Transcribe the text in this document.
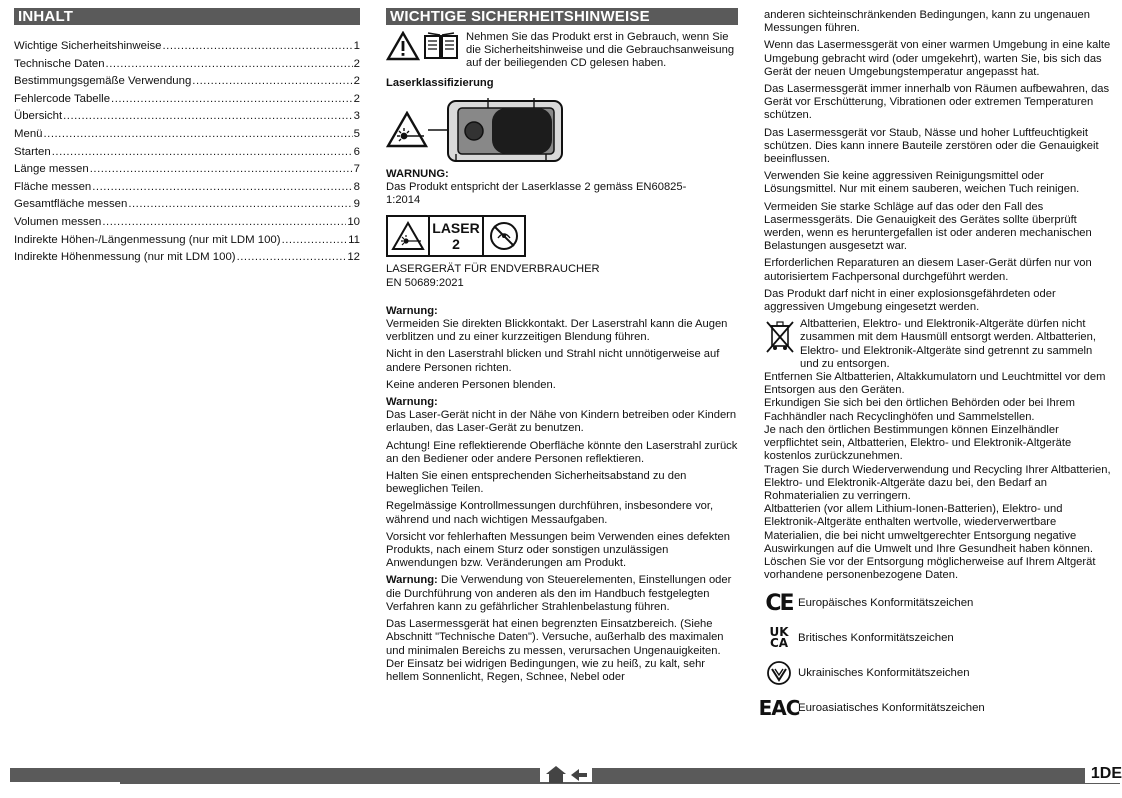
INHALT
Wichtige Sicherheitshinweise .....	1
Technische Daten .....	2
Bestimmungsgemäße Verwendung .....	2
Fehlercode Tabelle .....	2
Übersicht .....	3
Menü .....	5
Starten .....	6
Länge messen .....	7
Fläche messen .....	8
Gesamtfläche messen .....	9
Volumen messen .....	10
Indirekte Höhen-/Längenmessung (nur mit LDM 100) .....	11
Indirekte Höhenmessung (nur mit LDM 100) .....	12
WICHTIGE SICHERHEITSHINWEISE
Nehmen Sie das Produkt erst in Gebrauch, wenn Sie die Sicherheitshinweise und die Gebrauchsanweisung auf der beiliegenden CD gelesen haben.
Laserklassifizierung
WARNUNG:
Das Produkt entspricht der Laserklasse 2 gemäss EN60825-1:2014
LASER
2
LASERGERÄT FÜR ENDVERBRAUCHER
EN 50689:2021
Warnung:

Vermeiden Sie direkten Blickkontakt. Der Laserstrahl kann die Augen verblitzen und zu einer kurzzeitigen Blendung führen.

Nicht in den Laserstrahl blicken und Strahl nicht unnötigerweise auf andere Personen richten.

Keine anderen Personen blenden.

Warnung:

Das Laser-Gerät nicht in der Nähe von Kindern betreiben oder Kindern erlauben, das Laser-Gerät zu benutzen.

Achtung! Eine reflektierende Oberfläche könnte den Laserstrahl zurück an den Bediener oder andere Personen reflektieren.

Halten Sie einen entsprechenden Sicherheitsabstand zu den beweglichen Teilen.

Regelmässige Kontrollmessungen durchführen, insbesondere vor, während und nach wichtigen Messaufgaben.

Vorsicht vor fehlerhaften Messungen beim Verwenden eines defekten Produkts, nach einem Sturz oder sonstigen unzulässigen Anwendungen bzw. Veränderungen am Produkt.

Warnung: Die Verwendung von Steuerelementen, Einstellungen oder die Durchführung von anderen als den im Handbuch festgelegten Verfahren kann zu gefährlicher Strahlenbelastung führen.

Das Lasermessgerät hat einen begrenzten Einsatzbereich. (Siehe Abschnitt "Technische Daten"). Versuche, außerhalb des maximalen und minimalen Bereichs zu messen, verursachen Ungenauigkeiten. Der Einsatz bei widrigen Bedingungen, wie zu heiß, zu kalt, sehr hellem Sonnenlicht, Regen, Schnee, Nebel oder

anderen sichteinschränkenden Bedingungen, kann zu ungenauen Messungen führen.

Wenn das Lasermessgerät von einer warmen Umgebung in eine kalte Umgebung gebracht wird (oder umgekehrt), warten Sie, bis sich das Gerät der neuen Umgebungstemperatur angepasst hat.

Das Lasermessgerät immer innerhalb von Räumen aufbewahren, das Gerät vor Erschütterung, Vibrationen oder extremen Temperaturen schützen.

Das Lasermessgerät vor Staub, Nässe und hoher Luftfeuchtigkeit schützen. Dies kann innere Bauteile zerstören oder die Genauigkeit beeinflussen.

Verwenden Sie keine aggressiven Reinigungsmittel oder Lösungsmittel. Nur mit einem sauberen, weichen Tuch reinigen.

Vermeiden Sie starke Schläge auf das oder den Fall des Lasermessgeräts. Die Genauigkeit des Gerätes sollte überprüft werden, wenn es heruntergefallen ist oder anderen mechanischen Belastungen ausgesetzt war.

Erforderlichen Reparaturen an diesem Laser-Gerät dürfen nur von autorisiertem Fachpersonal durchgeführt werden.

Das Produkt darf nicht in einer explosionsgefährdeten oder aggressiven Umgebung eingesetzt werden.

Altbatterien, Elektro- und Elektronik-Altgeräte dürfen nicht zusammen mit dem Hausmüll entsorgt werden. Altbatterien, Elektro- und Elektronik-Altgeräte sind getrennt zu sammeln und zu entsorgen.
Entfernen Sie Altbatterien, Altakkumulatorn und Leuchtmittel vor dem Entsorgen aus den Geräten.
Erkundigen Sie sich bei den örtlichen Behörden oder bei Ihrem Fachhändler nach Recyclinghöfen und Sammelstellen.
Je nach den örtlichen Bestimmungen können Einzelhändler verpflichtet sein, Altbatterien, Elektro- und Elektronik-Altgeräte kostenlos zurückzunehmen.
Tragen Sie durch Wiederverwendung und Recycling Ihrer Altbatterien, Elektro- und Elektronik-Altgeräte dazu bei, den Bedarf an Rohmaterialien zu verringern.
Altbatterien (vor allem Lithium-Ionen-Batterien), Elektro- und Elektronik-Altgeräte enthalten wertvolle, wiederverwertbare Materialien, die bei nicht umweltgerechter Entsorgung negative Auswirkungen auf die Umwelt und Ihre Gesundheit haben können.
Löschen Sie vor der Entsorgung möglicherweise auf Ihrem Altgerät vorhandene personenbezogene Daten.
CE Europäisches Konformitätszeichen
UK
CA Britisches Konformitätszeichen
Ukrainisches Konformitätszeichen
EAC
Euroasiatisches Konformitätszeichen
1DE
